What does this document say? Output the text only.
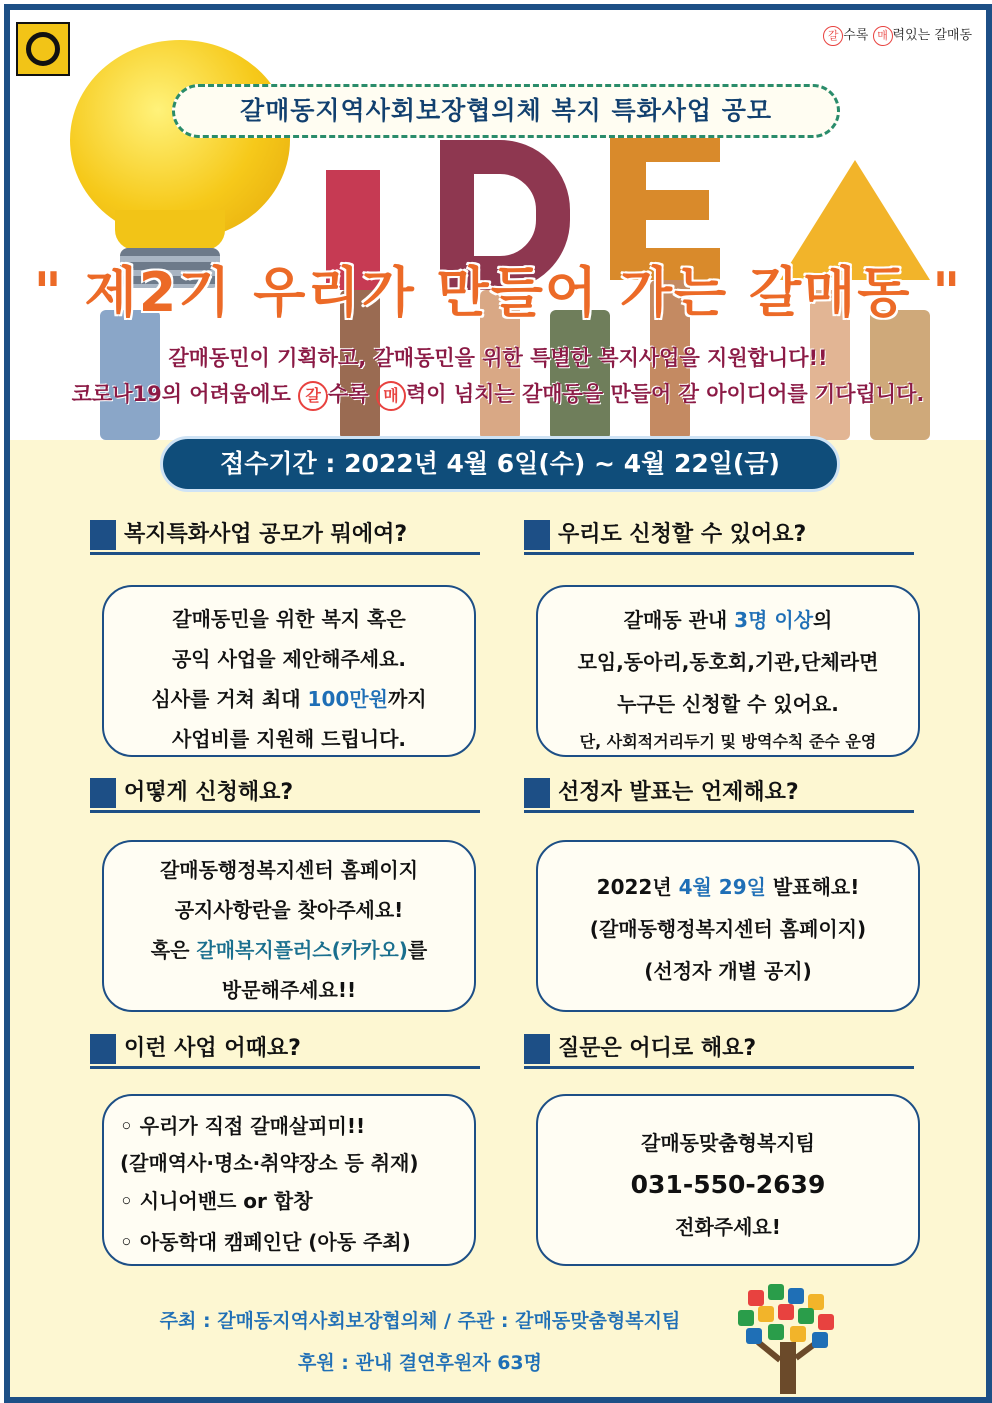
갈 수록 매 력있는 갈매동
갈매동지역사회보장협의체 복지 특화사업 공모
" 제2기 우리가 만들어 가는 갈매동 "
갈매동민이 기획하고, 갈매동민을 위한 특별한 복지사업을 지원합니다!!
코로나19의 어려움에도 갈 수록 매 력이 넘치는 갈매동을 만들어 갈 아이디어를 기다립니다.
접수기간 : 2022년 4월 6일(수) ~ 4월 22일(금)
복지특화사업 공모가 뭐에여?	우리도 신청할 수 있어요?
갈매동민을 위한 복지 혹은
공익 사업을 제안해주세요.
심사를 거쳐 최대 100만원까지
사업비를 지원해 드립니다.
갈매동 관내 3명 이상의
모임,동아리,동호회,기관,단체라면
누구든 신청할 수 있어요.
단, 사회적거리두기 및 방역수칙 준수 운영
어떻게 신청해요?	선정자 발표는 언제해요?
갈매동행정복지센터 홈페이지
공지사항란을 찾아주세요!
혹은 갈매복지플러스(카카오)를
방문해주세요!!
2022년 4월 29일 발표해요!
(갈매동행정복지센터 홈페이지)
(선정자 개별 공지)
이런 사업 어때요?	질문은 어디로 해요?
◦ 우리가 직접 갈매살피미!!
(갈매역사·명소·취약장소 등 취재)
◦ 시니어밴드 or 합창
◦ 아동학대 캠페인단 (아동 주최)
갈매동맞춤형복지팀
031-550-2639
전화주세요!
주최 : 갈매동지역사회보장협의체 / 주관 : 갈매동맞춤형복지팀
후원 : 관내 결연후원자 63명
